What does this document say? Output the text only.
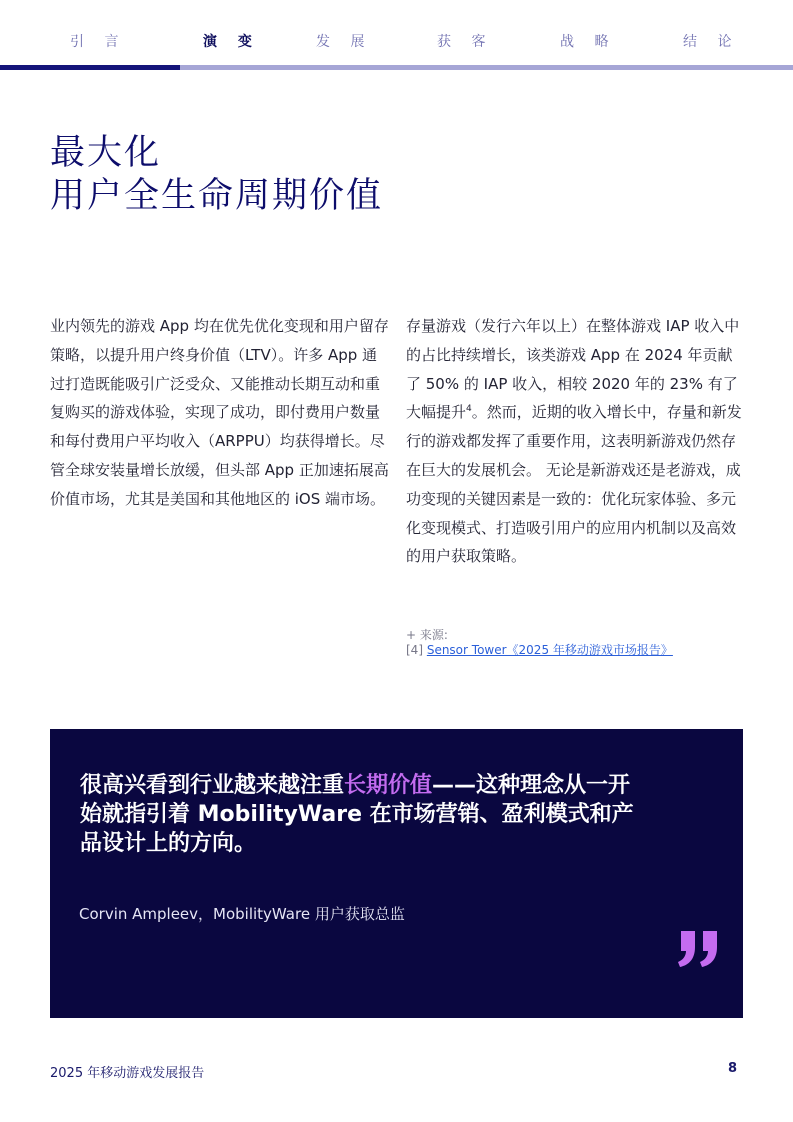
引 言	演 变	发 展	获 客	战 略	结 论
最大化
用户全生命周期价值

业内领先的游戏 App 均在优先优化变现和用户留存策略，以提升用户终身价值（LTV）。许多 App 通过打造既能吸引广泛受众、又能推动长期互动和重复购买的游戏体验，实现了成功，即付费用户数量和每付费用户平均收入（ARPPU）均获得增长。尽管全球安装量增长放缓，但头部 App 正加速拓展高价值市场，尤其是美国和其他地区的 iOS 端市场。

存量游戏（发行六年以上）在整体游戏 IAP 收入中的占比持续增长，该类游戏 App 在 2024 年贡献了 50% 的 IAP 收入，相较 2020 年的 23% 有了大幅提升$^4$。然而，近期的收入增长中，存量和新发行的游戏都发挥了重要作用，这表明新游戏仍然存在巨大的发展机会。 无论是新游戏还是老游戏，成功变现的关键因素是一致的：优化玩家体验、多元化变现模式、打造吸引用户的应用内机制以及高效的用户获取策略。

+ 来源:
[4] Sensor Tower《2025 年移动游戏市场报告》

很高兴看到行业越来越注重长期价值——这种理念从一开始就指引着 MobilityWare 在市场营销、盈利模式和产品设计上的方向。

Corvin Ampleev，MobilityWare 用户获取总监
2025 年移动游戏发展报告	8
